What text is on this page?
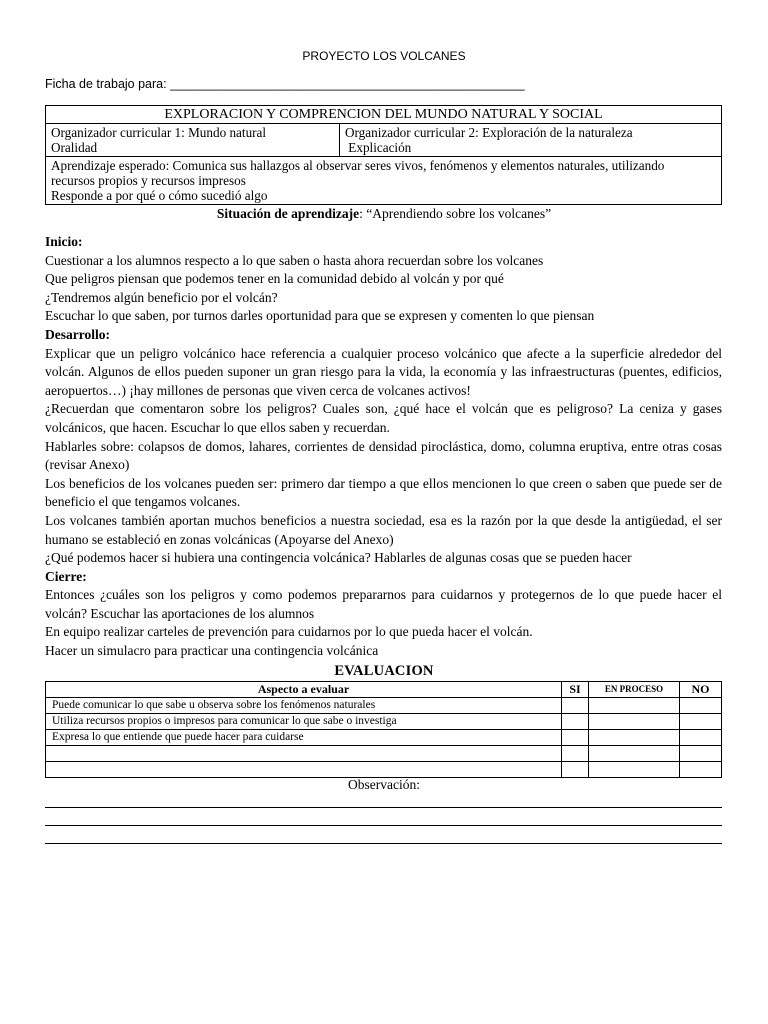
PROYECTO LOS VOLCANES
Ficha de trabajo para: ___________________________________________________
EXPLORACION Y COMPRENCION DEL MUNDO NATURAL Y SOCIAL

Organizador curricular 1: Mundo natural
Oralidad

Organizador curricular 2: Exploración de la naturaleza
Explicación

Aprendizaje esperado: Comunica sus hallazgos al observar seres vivos, fenómenos y elementos naturales, utilizando
recursos propios y recursos impresos
Responde a por qué o cómo sucedió algo
Situación de aprendizaje: “Aprendiendo sobre los volcanes”

Inicio:

Cuestionar a los alumnos respecto a lo que saben o hasta ahora recuerdan sobre los volcanes

Que peligros piensan que podemos tener en la comunidad debido al volcán y por qué

¿Tendremos algún beneficio por el volcán?

Escuchar lo que saben, por turnos darles oportunidad para que se expresen y comenten lo que piensan

Desarrollo:

Explicar que un peligro volcánico hace referencia a cualquier proceso volcánico que afecte a la superficie alrededor del volcán. Algunos de ellos pueden suponer un gran riesgo para la vida, la economía y las infraestructuras (puentes, edificios, aeropuertos…) ¡hay millones de personas que viven cerca de volcanes activos!

¿Recuerdan que comentaron sobre los peligros? Cuales son, ¿qué hace el volcán que es peligroso? La ceniza y gases volcánicos, que hacen. Escuchar lo que ellos saben y recuerdan.

Hablarles sobre: colapsos de domos, lahares, corrientes de densidad piroclástica, domo, columna eruptiva, entre otras cosas (revisar Anexo)

Los beneficios de los volcanes pueden ser: primero dar tiempo a que ellos mencionen lo que creen o saben que puede ser de beneficio el que tengamos volcanes.

Los volcanes también aportan muchos beneficios a nuestra sociedad, esa es la razón por la que desde la antigüedad, el ser humano se estableció en zonas volcánicas (Apoyarse del Anexo)

¿Qué podemos hacer si hubiera una contingencia volcánica? Hablarles de algunas cosas que se pueden hacer

Cierre:

Entonces ¿cuáles son los peligros y como podemos prepararnos para cuidarnos y protegernos de lo que puede hacer el volcán? Escuchar las aportaciones de los alumnos

En equipo realizar carteles de prevención para cuidarnos por lo que pueda hacer el volcán.

Hacer un simulacro para practicar una contingencia volcánica

EVALUACION
Aspecto a evaluar	SI	EN PROCESO	NO
Puede comunicar lo que sabe u observa sobre los fenómenos naturales			
Utiliza recursos propios o impresos para comunicar lo que sabe o investiga			
Expresa lo que entiende que puede hacer para cuidarse			

Observación:
